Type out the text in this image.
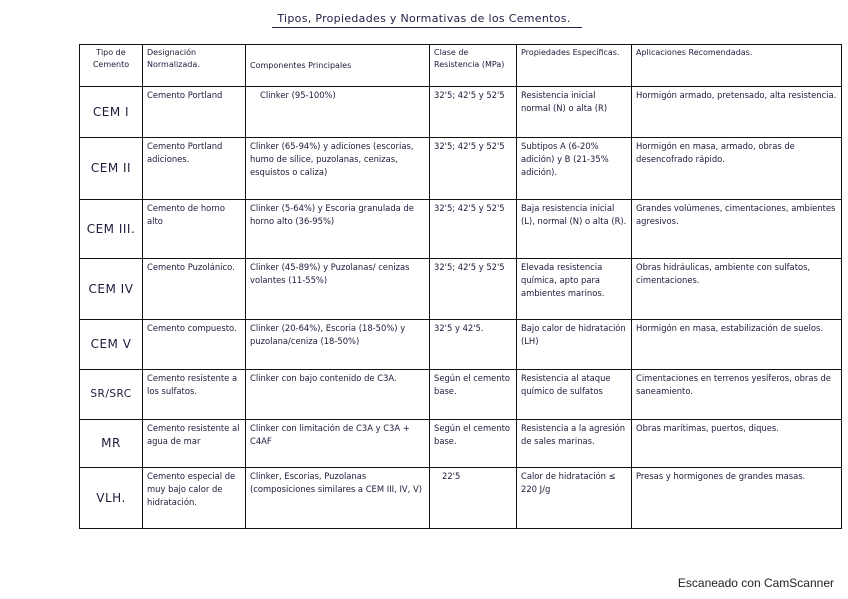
Tipos, Propiedades y Normativas de los Cementos.
Tipo de Cemento	Designación Normalizada.	Componentes Principales	Clase de Resistencia (MPa)	Propiedades Específicas.	Aplicaciones Recomendadas.
CEM I	Cemento Portland	Clinker (95-100%)	32'5; 42'5 y 52'5	Resistencia inicial normal (N) o alta (R)	Hormigón armado, pretensado, alta resistencia.
CEM II	Cemento Portland adiciones.	Clinker (65-94%) y adiciones (escorias, humo de sílice, puzolanas, cenizas, esquistos o caliza)	32'5; 42'5 y 52'5	Subtipos A (6-20% adición) y B (21-35% adición).	Hormigón en masa, armado, obras de desencofrado rápido.
CEM III.	Cemento de horno alto	Clinker (5-64%) y Escoria granulada de horno alto (36-95%)	32'5; 42'5 y 52'5	Baja resistencia inicial (L), normal (N) o alta (R).	Grandes volúmenes, cimentaciones, ambientes agresivos.
CEM IV	Cemento Puzolánico.	Clinker (45-89%) y Puzolanas/ cenizas volantes (11-55%)	32'5; 42'5 y 52'5	Elevada resistencia química, apto para ambientes marinos.	Obras hidráulicas, ambiente con sulfatos, cimentaciones.
CEM V	Cemento compuesto.	Clinker (20-64%), Escoria (18-50%) y puzolana/ceniza (18-50%)	32'5 y 42'5.	Bajo calor de hidratación (LH)	Hormigón en masa, estabilización de suelos.
SR/SRC	Cemento resistente a los sulfatos.	Clinker con bajo contenido de C3A.	Según el cemento base.	Resistencia al ataque químico de sulfatos	Cimentaciones en terrenos yesíferos, obras de saneamiento.
MR	Cemento resistente al agua de mar	Clinker con limitación de C3A y C3A + C4AF	Según el cemento base.	Resistencia a la agresión de sales marinas.	Obras marítimas, puertos, diques.
VLH.	Cemento especial de muy bajo calor de hidratación.	Clinker, Escorias, Puzolanas (composiciones similares a CEM III, IV, V)	22'5	Calor de hidratación ≤ 220 J/g	Presas y hormigones de grandes masas.
Escaneado con CamScanner
